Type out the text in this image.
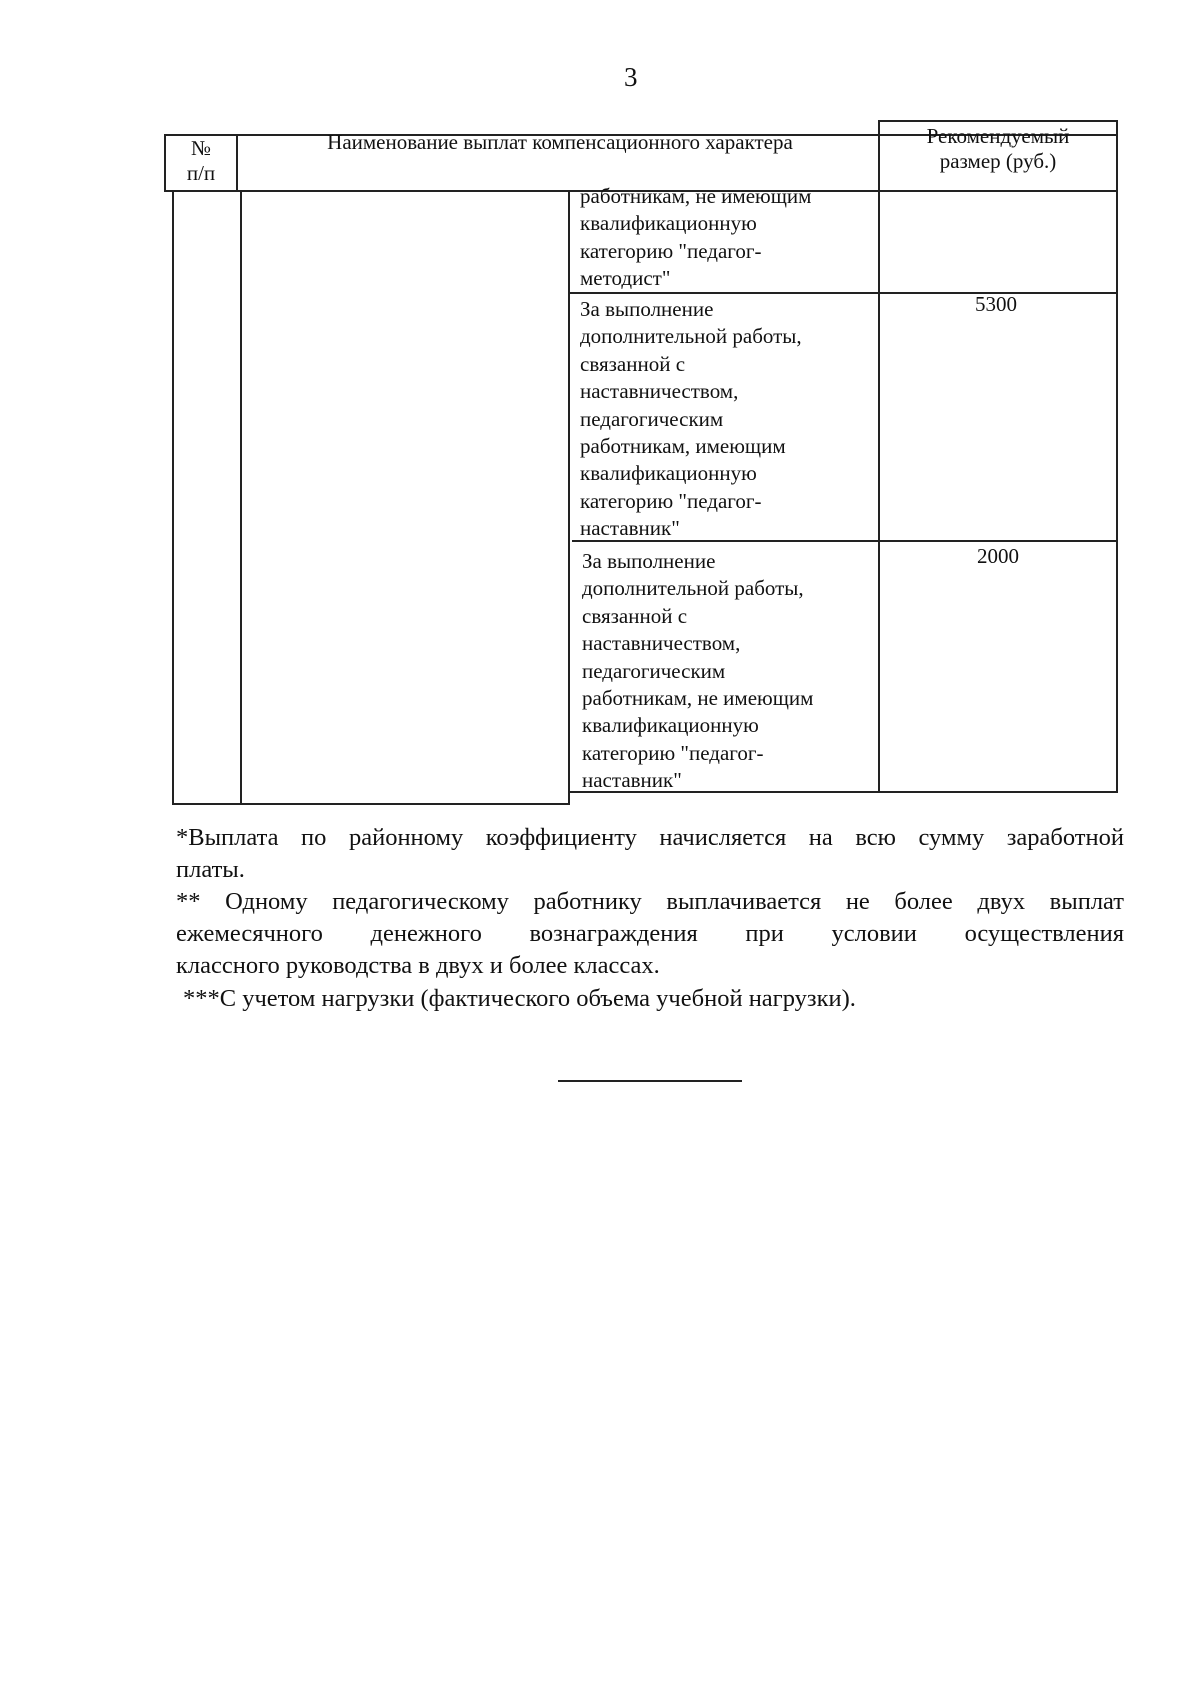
3
№
п/п
Наименование выплат компенсационного характера	Рекомендуемый
размер (руб.)
работникам, не имеющим
квалификационную
категорию "педагог-
методист"
За выполнение
дополнительной работы,
связанной с
наставничеством,
педагогическим
работникам, имеющим
квалификационную
категорию "педагог-
наставник"
5300
За выполнение
дополнительной работы,
связанной с
наставничеством,
педагогическим
работникам, не имеющим
квалификационную
категорию "педагог-
наставник"
2000
*Выплата по районному коэффициенту начисляется на всю сумму заработной
платы.
** Одному педагогическому работнику выплачивается не более двух выплат
ежемесячного денежного вознаграждения при условии осуществления
классного руководства в двух и более классах.
***С учетом нагрузки (фактического объема учебной нагрузки).
